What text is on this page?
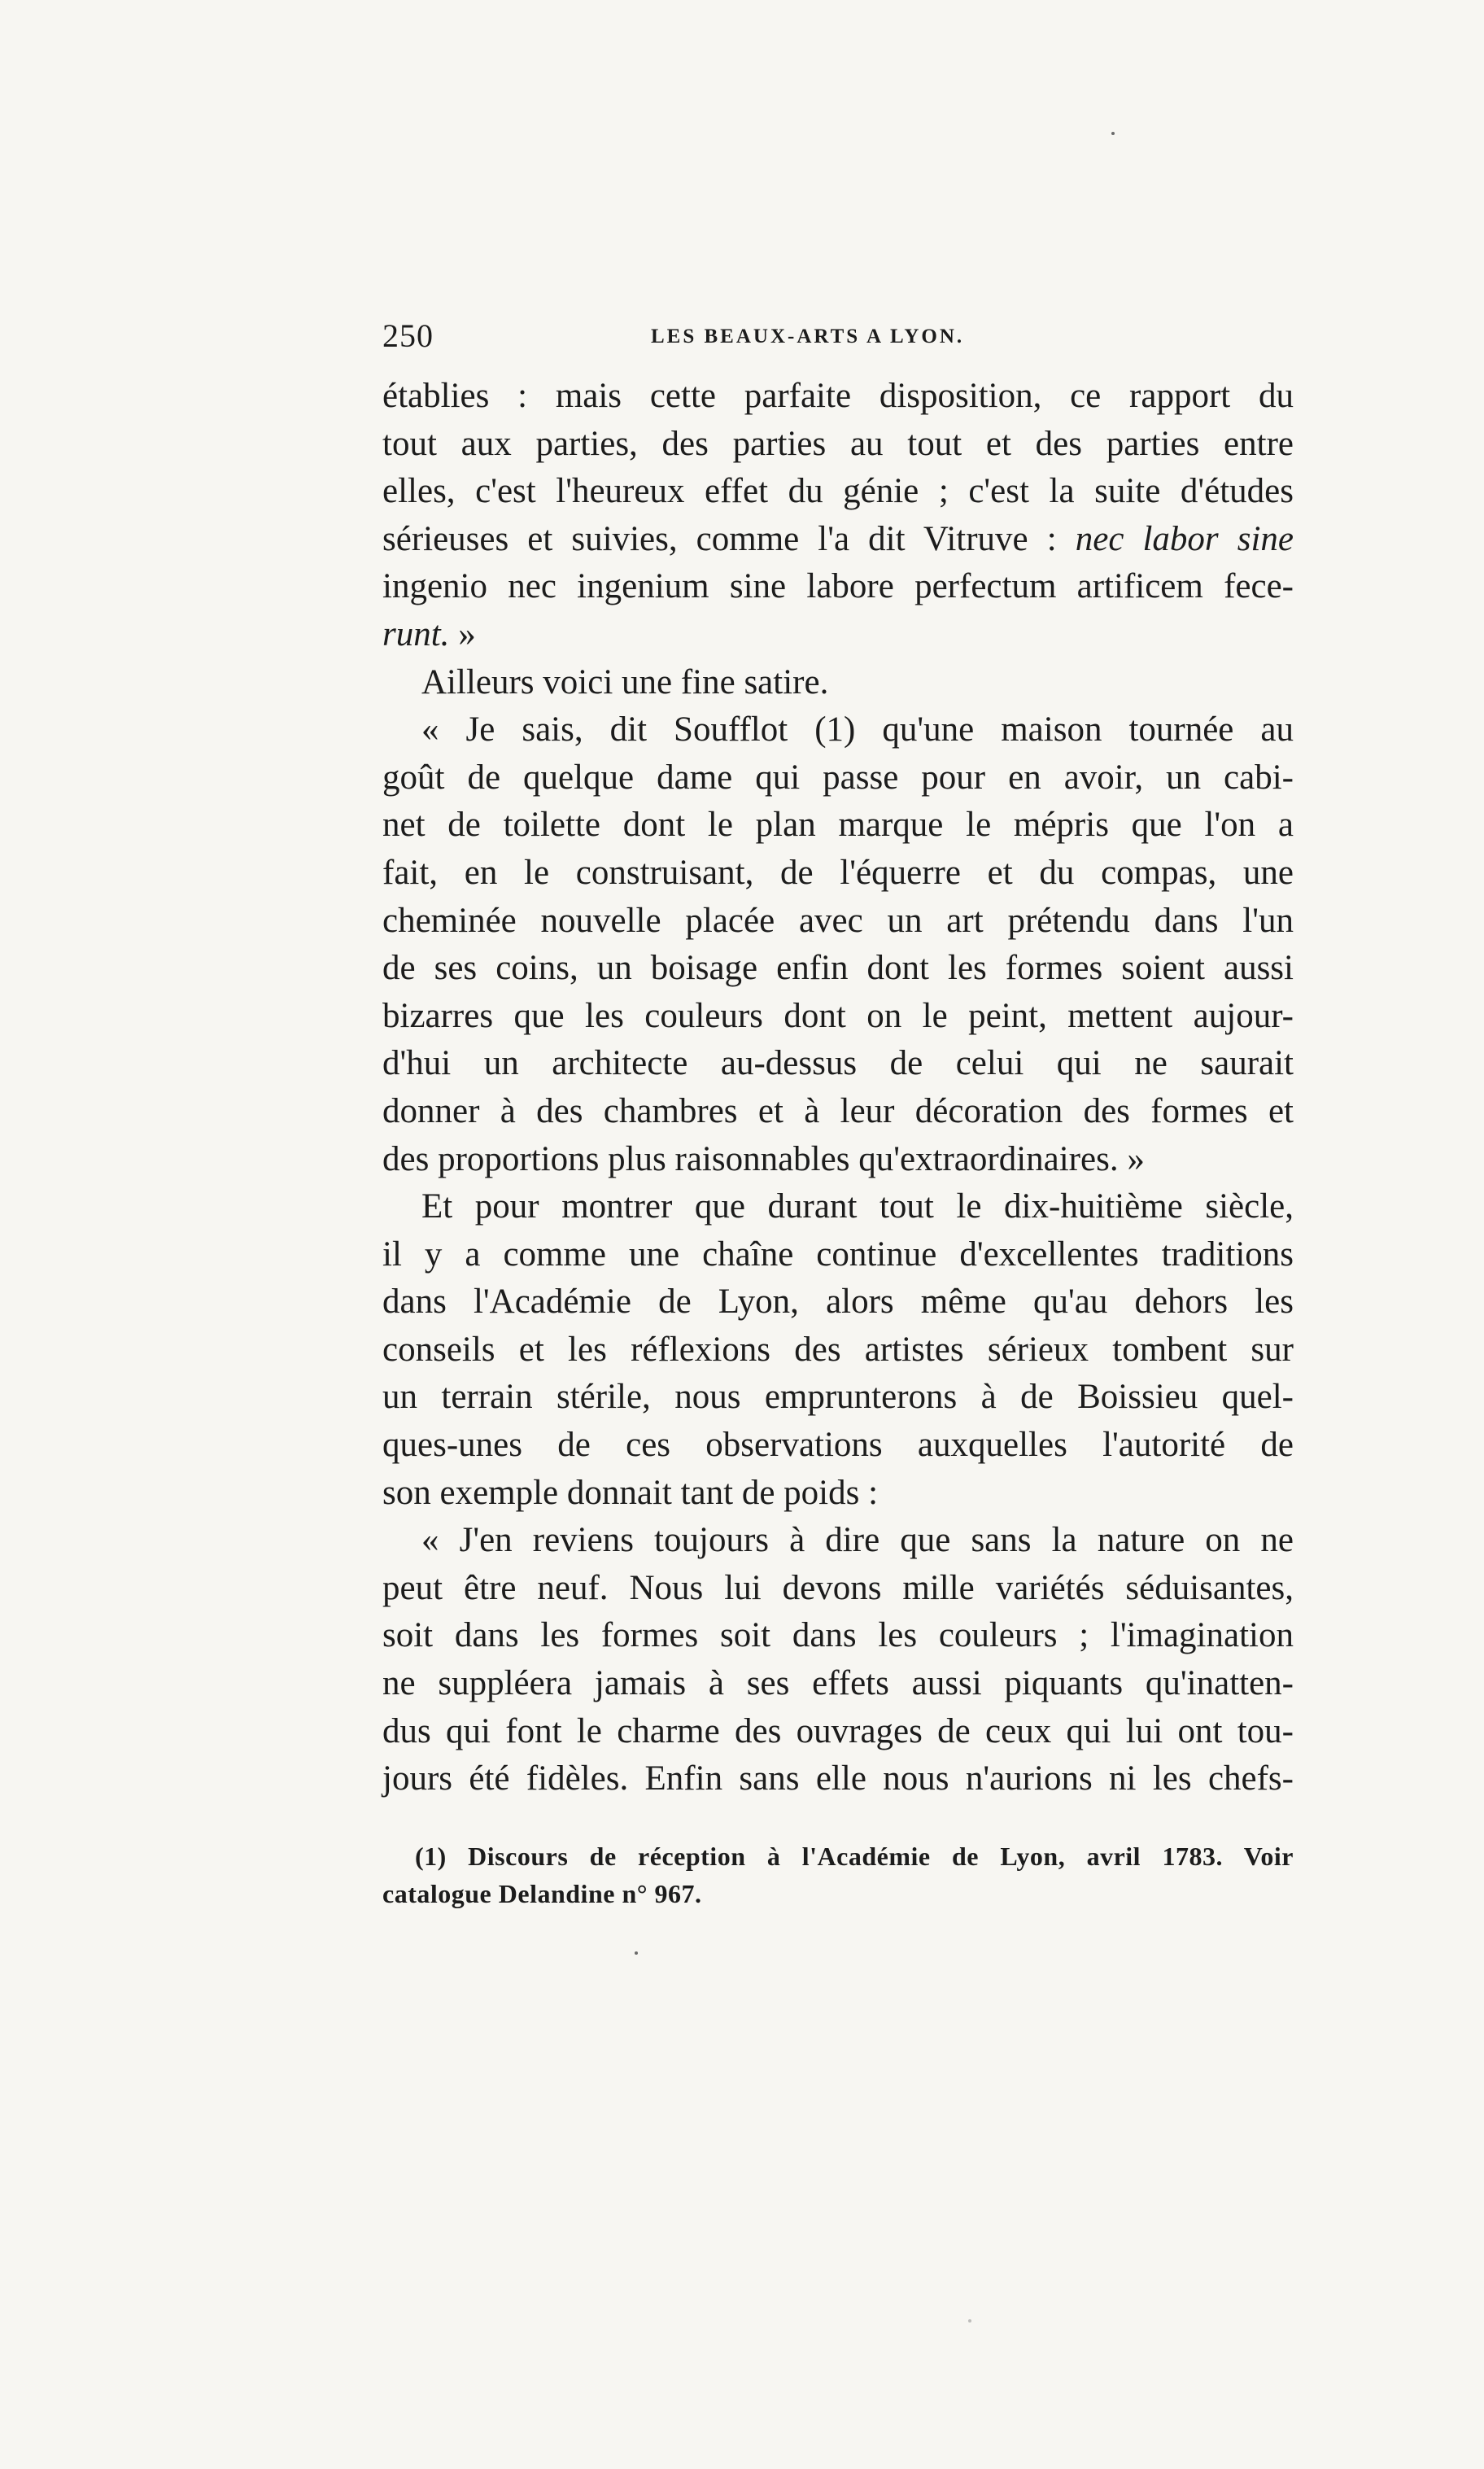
250	LES BEAUX-ARTS A LYON.
établies : mais cette parfaite disposition, ce rapport du
tout aux parties, des parties au tout et des parties entre
elles, c'est l'heureux effet du génie ; c'est la suite d'études
sérieuses et suivies, comme l'a dit Vitruve : nec labor sine
ingenio nec ingenium sine labore perfectum artificem fece-
runt. »
Ailleurs voici une fine satire.
« Je sais, dit Soufflot (1) qu'une maison tournée au
goût de quelque dame qui passe pour en avoir, un cabi-
net de toilette dont le plan marque le mépris que l'on a
fait, en le construisant, de l'équerre et du compas, une
cheminée nouvelle placée avec un art prétendu dans l'un
de ses coins, un boisage enfin dont les formes soient aussi
bizarres que les couleurs dont on le peint, mettent aujour-
d'hui un architecte au-dessus de celui qui ne saurait
donner à des chambres et à leur décoration des formes et
des proportions plus raisonnables qu'extraordinaires. »
Et pour montrer que durant tout le dix-huitième siècle,
il y a comme une chaîne continue d'excellentes traditions
dans l'Académie de Lyon, alors même qu'au dehors les
conseils et les réflexions des artistes sérieux tombent sur
un terrain stérile, nous emprunterons à de Boissieu quel-
ques-unes de ces observations auxquelles l'autorité de
son exemple donnait tant de poids :
« J'en reviens toujours à dire que sans la nature on ne
peut être neuf. Nous lui devons mille variétés séduisantes,
soit dans les formes soit dans les couleurs ; l'imagination
ne suppléera jamais à ses effets aussi piquants qu'inatten-
dus qui font le charme des ouvrages de ceux qui lui ont tou-
jours été fidèles. Enfin sans elle nous n'aurions ni les chefs-
(1) Discours de réception à l'Académie de Lyon, avril 1783. Voir
catalogue Delandine n° 967.
